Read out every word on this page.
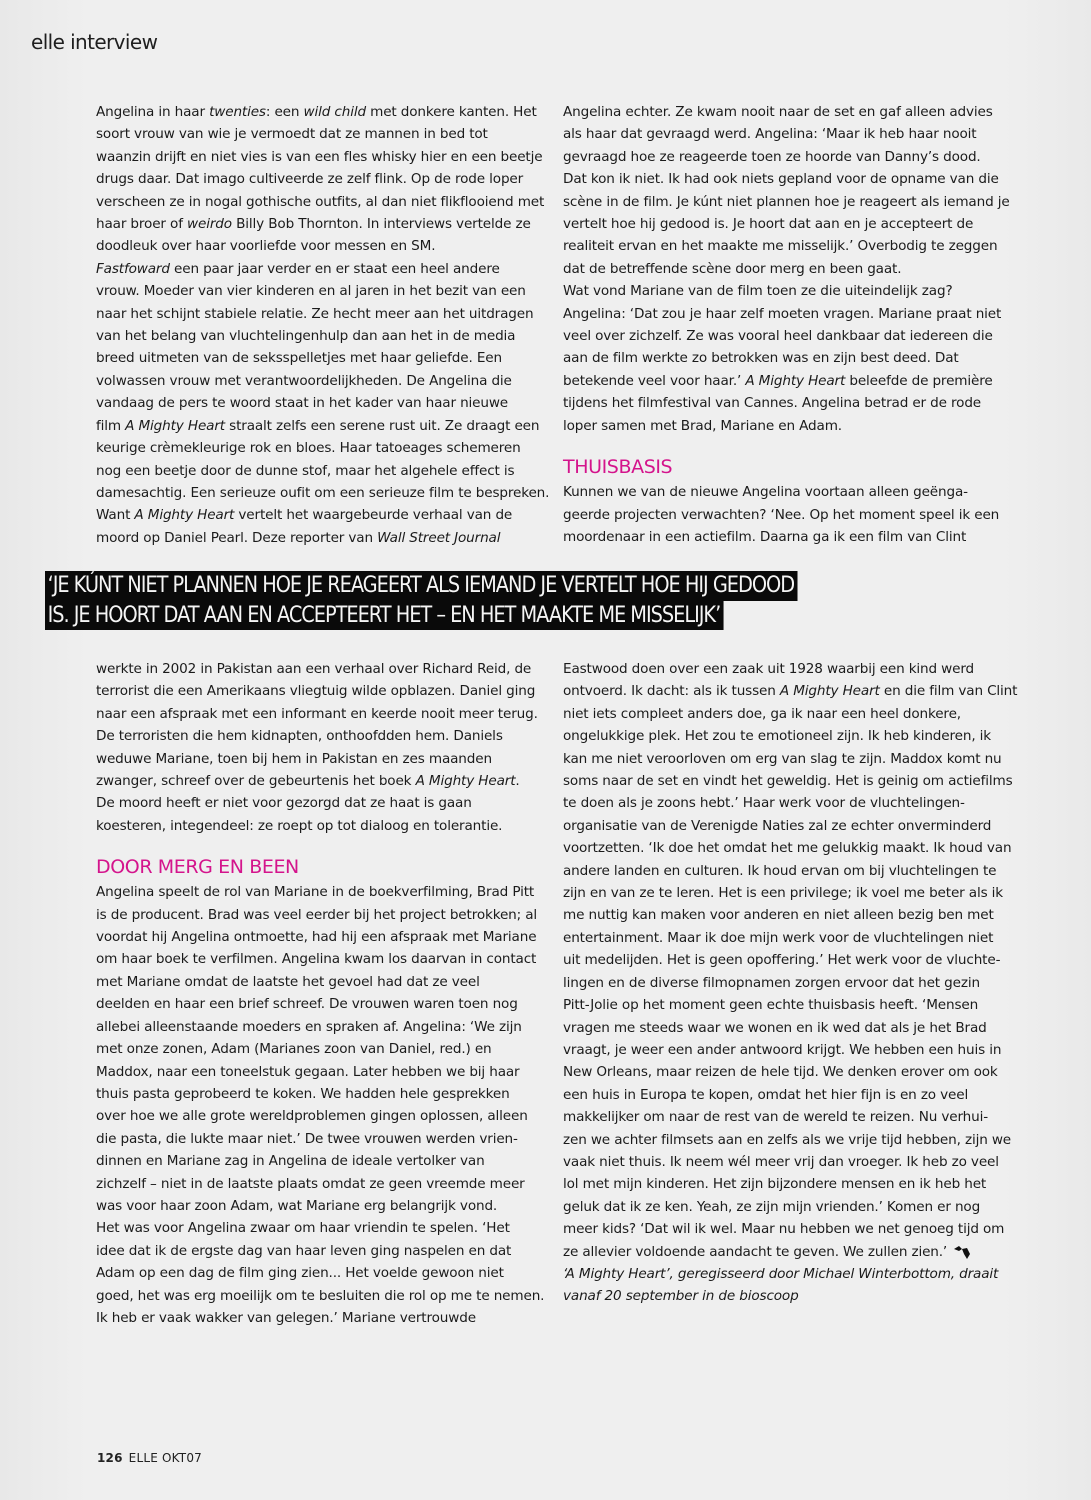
elle interview

Angelina in haar twenties: een wild child met donkere kanten. Het
soort vrouw van wie je vermoedt dat ze mannen in bed tot
waanzin drijft en niet vies is van een fles whisky hier en een beetje
drugs daar. Dat imago cultiveerde ze zelf flink. Op de rode loper
verscheen ze in nogal gothische outfits, al dan niet flikflooiend met
haar broer of weirdo Billy Bob Thornton. In interviews vertelde ze
doodleuk over haar voorliefde voor messen en SM.
Fastfoward een paar jaar verder en er staat een heel andere
vrouw. Moeder van vier kinderen en al jaren in het bezit van een
naar het schijnt stabiele relatie. Ze hecht meer aan het uitdragen
van het belang van vluchtelingenhulp dan aan het in de media
breed uitmeten van de seksspelletjes met haar geliefde. Een
volwassen vrouw met verantwoordelijkheden. De Angelina die
vandaag de pers te woord staat in het kader van haar nieuwe
film A Mighty Heart straalt zelfs een serene rust uit. Ze draagt een
keurige crèmekleurige rok en bloes. Haar tatoeages schemeren
nog een beetje door de dunne stof, maar het algehele effect is
damesachtig. Een serieuze oufit om een serieuze film te bespreken.
Want A Mighty Heart vertelt het waargebeurde verhaal van de
moord op Daniel Pearl. Deze reporter van Wall Street Journal

Angelina echter. Ze kwam nooit naar de set en gaf alleen advies
als haar dat gevraagd werd. Angelina: ‘Maar ik heb haar nooit
gevraagd hoe ze reageerde toen ze hoorde van Danny’s dood.
Dat kon ik niet. Ik had ook niets gepland voor de opname van die
scène in de film. Je kúnt niet plannen hoe je reageert als iemand je
vertelt hoe hij gedood is. Je hoort dat aan en je accepteert de
realiteit ervan en het maakte me misselijk.’ Overbodig te zeggen
dat de betreffende scène door merg en been gaat.
Wat vond Mariane van de film toen ze die uiteindelijk zag?
Angelina: ‘Dat zou je haar zelf moeten vragen. Mariane praat niet
veel over zichzelf. Ze was vooral heel dankbaar dat iedereen die
aan de film werkte zo betrokken was en zijn best deed. Dat
betekende veel voor haar.’ A Mighty Heart beleefde de première
tijdens het filmfestival van Cannes. Angelina betrad er de rode
loper samen met Brad, Mariane en Adam.

THUISBASIS

Kunnen we van de nieuwe Angelina voortaan alleen geënga-
geerde projecten verwachten? ‘Nee. Op het moment speel ik een
moordenaar in een actiefilm. Daarna ga ik een film van Clint

‘JE KÚNT NIET PLANNEN HOE JE REAGEERT ALS IEMAND JE VERTELT HOE HIJ GEDOOD
IS. JE HOORT DAT AAN EN ACCEPTEERT HET – EN HET MAAKTE ME MISSELIJK’

werkte in 2002 in Pakistan aan een verhaal over Richard Reid, de
terrorist die een Amerikaans vliegtuig wilde opblazen. Daniel ging
naar een afspraak met een informant en keerde nooit meer terug.
De terroristen die hem kidnapten, onthoofdden hem. Daniels
weduwe Mariane, toen bij hem in Pakistan en zes maanden
zwanger, schreef over de gebeurtenis het boek A Mighty Heart.
De moord heeft er niet voor gezorgd dat ze haat is gaan
koesteren, integendeel: ze roept op tot dialoog en tolerantie.

DOOR MERG EN BEEN

Angelina speelt de rol van Mariane in de boekverfilming, Brad Pitt
is de producent. Brad was veel eerder bij het project betrokken; al
voordat hij Angelina ontmoette, had hij een afspraak met Mariane
om haar boek te verfilmen. Angelina kwam los daarvan in contact
met Mariane omdat de laatste het gevoel had dat ze veel
deelden en haar een brief schreef. De vrouwen waren toen nog
allebei alleenstaande moeders en spraken af. Angelina: ‘We zijn
met onze zonen, Adam (Marianes zoon van Daniel, red.) en
Maddox, naar een toneelstuk gegaan. Later hebben we bij haar
thuis pasta geprobeerd te koken. We hadden hele gesprekken
over hoe we alle grote wereldproblemen gingen oplossen, alleen
die pasta, die lukte maar niet.’ De twee vrouwen werden vrien-
dinnen en Mariane zag in Angelina de ideale vertolker van
zichzelf – niet in de laatste plaats omdat ze geen vreemde meer
was voor haar zoon Adam, wat Mariane erg belangrijk vond.
Het was voor Angelina zwaar om haar vriendin te spelen. ‘Het
idee dat ik de ergste dag van haar leven ging naspelen en dat
Adam op een dag de film ging zien... Het voelde gewoon niet
goed, het was erg moeilijk om te besluiten die rol op me te nemen.
Ik heb er vaak wakker van gelegen.’ Mariane vertrouwde

Eastwood doen over een zaak uit 1928 waarbij een kind werd
ontvoerd. Ik dacht: als ik tussen A Mighty Heart en die film van Clint
niet iets compleet anders doe, ga ik naar een heel donkere,
ongelukkige plek. Het zou te emotioneel zijn. Ik heb kinderen, ik
kan me niet veroorloven om erg van slag te zijn. Maddox komt nu
soms naar de set en vindt het geweldig. Het is geinig om actiefilms
te doen als je zoons hebt.’ Haar werk voor de vluchtelingen-
organisatie van de Verenigde Naties zal ze echter onverminderd
voortzetten. ‘Ik doe het omdat het me gelukkig maakt. Ik houd van
andere landen en culturen. Ik houd ervan om bij vluchtelingen te
zijn en van ze te leren. Het is een privilege; ik voel me beter als ik
me nuttig kan maken voor anderen en niet alleen bezig ben met
entertainment. Maar ik doe mijn werk voor de vluchtelingen niet
uit medelijden. Het is geen opoffering.’ Het werk voor de vluchte-
lingen en de diverse filmopnamen zorgen ervoor dat het gezin
Pitt-Jolie op het moment geen echte thuisbasis heeft. ‘Mensen
vragen me steeds waar we wonen en ik wed dat als je het Brad
vraagt, je weer een ander antwoord krijgt. We hebben een huis in
New Orleans, maar reizen de hele tijd. We denken erover om ook
een huis in Europa te kopen, omdat het hier fijn is en zo veel
makkelijker om naar de rest van de wereld te reizen. Nu verhui-
zen we achter filmsets aan en zelfs als we vrije tijd hebben, zijn we
vaak niet thuis. Ik neem wél meer vrij dan vroeger. Ik heb zo veel
lol met mijn kinderen. Het zijn bijzondere mensen en ik heb het
geluk dat ik ze ken. Yeah, ze zijn mijn vrienden.’ Komen er nog
meer kids? ‘Dat wil ik wel. Maar nu hebben we net genoeg tijd om
ze allevier voldoende aandacht te geven. We zullen zien.’

‘A Mighty Heart’, geregisseerd door Michael Winterbottom, draait
vanaf 20 september in de bioscoop

126 ELLE OKT07
